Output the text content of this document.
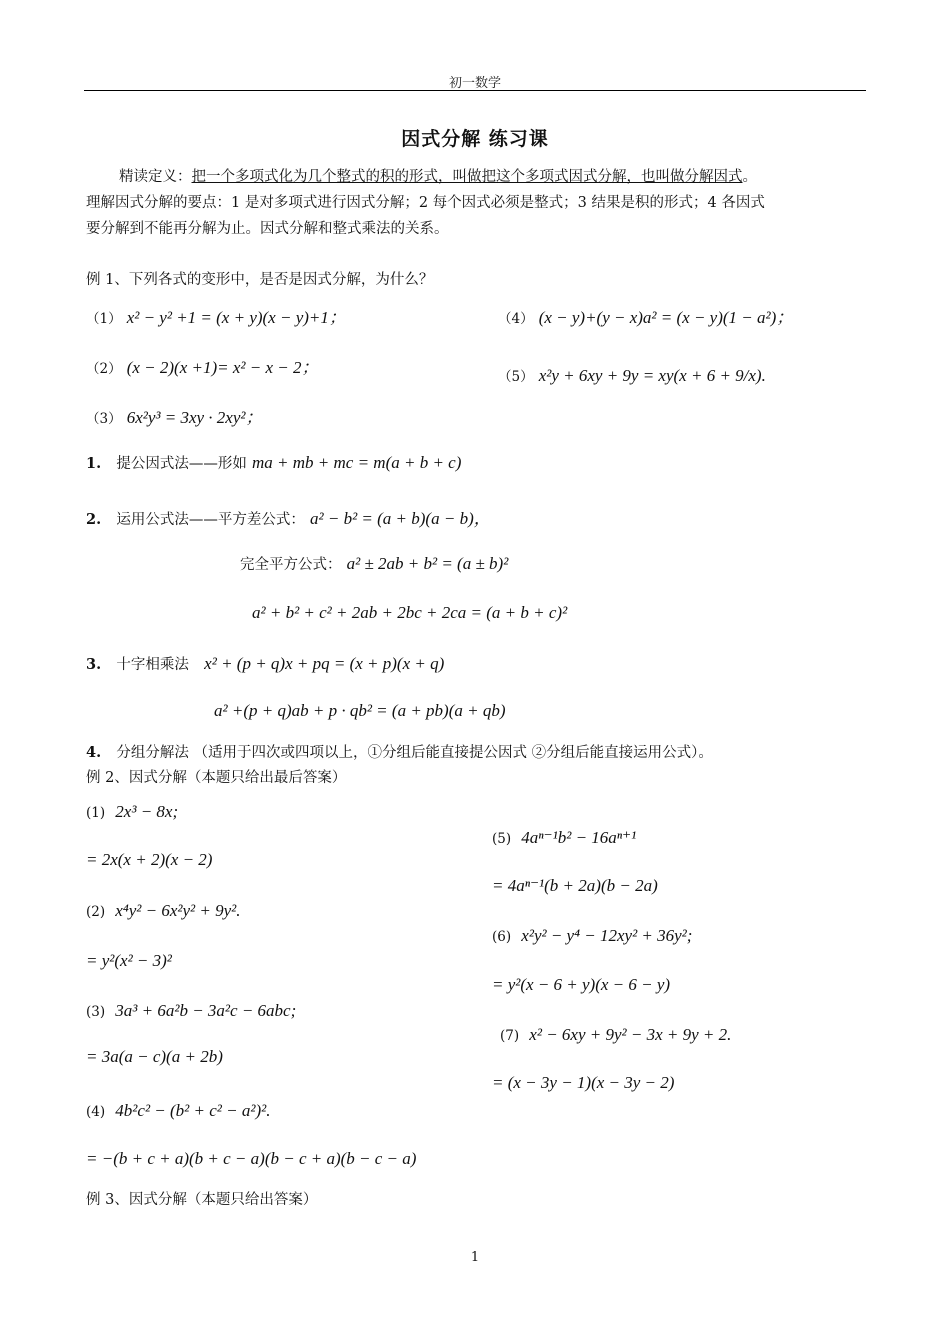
初一数学
因式分解 练习课
精读定义：把一个多项式化为几个整式的积的形式，叫做把这个多项式因式分解，也叫做分解因式。
理解因式分解的要点：1 是对多项式进行因式分解；2 每个因式必须是整式；3 结果是积的形式；4 各因式
要分解到不能再分解为止。因式分解和整式乘法的关系。
例 1、下列各式的变形中，是否是因式分解，为什么？
（1） x² − y² +1 = (x + y)(x − y)+1；
（2） (x − 2)(x +1)= x² − x − 2；
（3） 6x²y³ = 3xy · 2xy²；
（4） (x − y)+(y − x)a² = (x − y)(1 − a²)；
（5） x²y + 6xy + 9y = xy(x + 6 + 9/x).
1. 提公因式法——形如 ma + mb + mc = m(a + b + c)
2. 运用公式法——平方差公式： a² − b² = (a + b)(a − b)，
完全平方公式： a² ± 2ab + b² = (a ± b)²
a² + b² + c² + 2ab + 2bc + 2ca = (a + b + c)²
3. 十字相乘法 x² + (p + q)x + pq = (x + p)(x + q)
a² +(p + q)ab + p · qb² = (a + pb)(a + qb)
4. 分组分解法 （适用于四次或四项以上，①分组后能直接提公因式 ②分组后能直接运用公式）。
例 2、因式分解（本题只给出最后答案）
(1) 2x³ − 8x;
= 2x(x + 2)(x − 2)
(2) x⁴y² − 6x²y² + 9y².
= y²(x² − 3)²
(3) 3a³ + 6a²b − 3a²c − 6abc;
= 3a(a − c)(a + 2b)
(4) 4b²c² − (b² + c² − a²)².
= −(b + c + a)(b + c − a)(b − c + a)(b − c − a)
(5) 4aⁿ⁻¹b² − 16aⁿ⁺¹
= 4aⁿ⁻¹(b + 2a)(b − 2a)
(6) x²y² − y⁴ − 12xy² + 36y²;
= y²(x − 6 + y)(x − 6 − y)
(7) x² − 6xy + 9y² − 3x + 9y + 2.
= (x − 3y − 1)(x − 3y − 2)
例 3、因式分解（本题只给出答案）
1
